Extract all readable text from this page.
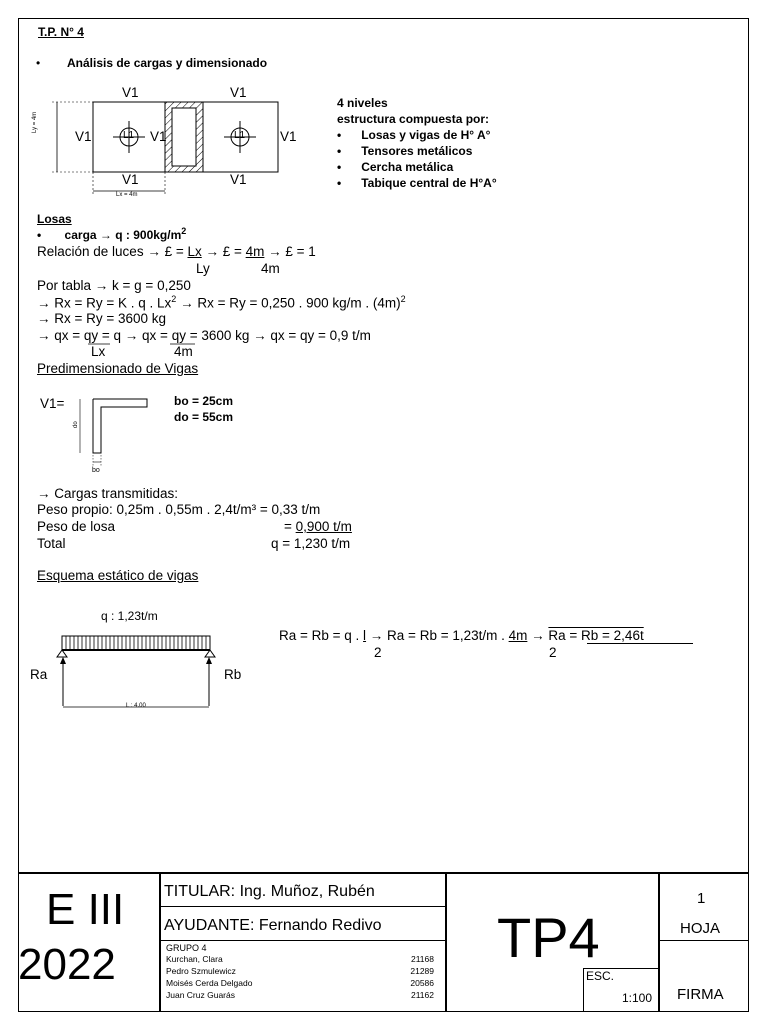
T.P. N° 4
• Análisis de cargas y dimensionado
V1	V1
V1	V1	V1
V1	V1
L1	L1
Ly = 4m
Lx = 4m
4 niveles
estructura compuesta por:
•      Losas y vigas de H° A°
•      Tensores metálicos
•      Cercha metálica
•      Tabique central de H°A°
Losas
•       carga → q : $900kg/m^2$
Relación de luces → £ = Lx → £ = 4m → £ = 1
Ly	4m
Por tabla → k = ɡ = 0,250
→ Rx = Ry = K . q . $Lx^2 \to Rx = Ry = 0,250$ . 900 kg/m . $(4m)^2$
→ Rx = Ry = 3600 kg
→ qx = qy = q → qx = qy = 3600 kg → qx = qy = 0,9 t/m
Lx	4m
Predimensionado de Vigas
V1=
do
bo
bo = 25cm
do = 55cm
→ Cargas transmitidas:
Peso propio: 0,25m . 0,55m . 2,4t/m³ = 0,33 t/m
Peso de losa	= 0,900 t/m
Total	q = 1,230 t/m
Esquema estático de vigas
q : 1,23t/m
Ra	Rb
L : 4.00
Ra = Rb = q . l → Ra = Rb = 1,23t/m . 4m → Ra = Rb = 2,46t
2	2
E III
2022
TITULAR: Ing. Muñoz, Rubén
AYUDANTE: Fernando Redivo
GRUPO 4
Kurchan, Clara	21168
Pedro Szmulewicz	21289
Moisés Cerda Delgado	20586
Juan Cruz Guarás	21162
TP4
ESC.
1:100
1
HOJA
FIRMA
